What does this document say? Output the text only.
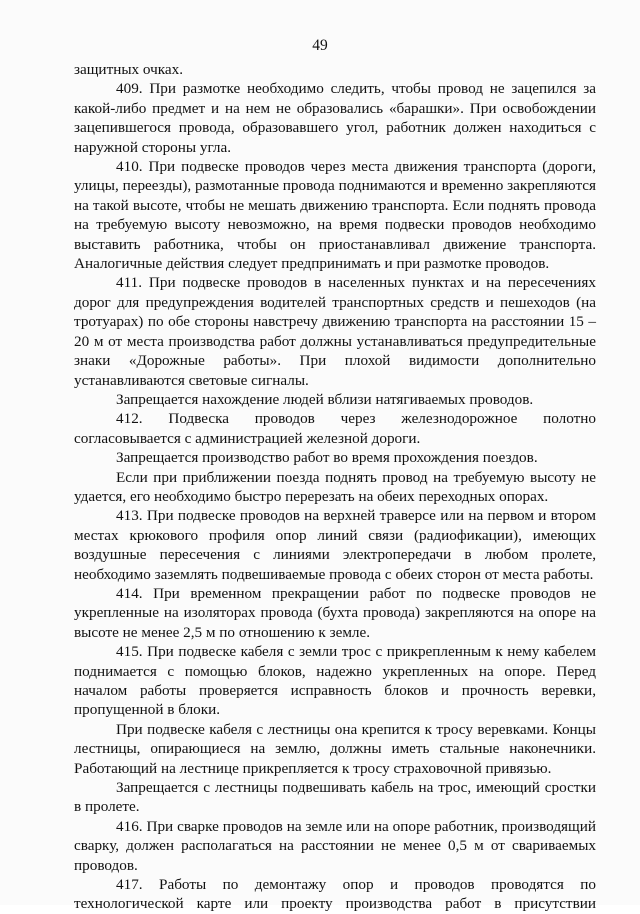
49

защитных очках.

409. При размотке необходимо следить, чтобы провод не зацепился за какой-либо предмет и на нем не образовались «барашки». При освобождении зацепившегося провода, образовавшего угол, работник должен находиться с наружной стороны угла.

410. При подвеске проводов через места движения транспорта (дороги, улицы, переезды), размотанные провода поднимаются и временно закрепляются на такой высоте, чтобы не мешать движению транспорта. Если поднять провода на требуемую высоту невозможно, на время подвески проводов необходимо выставить работника, чтобы он приостанавливал движение транспорта. Аналогичные действия следует предпринимать и при размотке проводов.

411. При подвеске проводов в населенных пунктах и на пересечениях дорог для предупреждения водителей транспортных средств и пешеходов (на тротуарах) по обе стороны навстречу движению транспорта на расстоянии 15 – 20 м от места производства работ должны устанавливаться предупредительные знаки «Дорожные работы». При плохой видимости дополнительно устанавливаются световые сигналы.

Запрещается нахождение людей вблизи натягиваемых проводов.

412. Подвеска проводов через железнодорожное полотно согласовывается с администрацией железной дороги.

Запрещается производство работ во время прохождения поездов.

Если при приближении поезда поднять провод на требуемую высоту не удается, его необходимо быстро перерезать на обеих переходных опорах.

413. При подвеске проводов на верхней траверсе или на первом и втором местах крюкового профиля опор линий связи (радиофикации), имеющих воздушные пересечения с линиями электропередачи в любом пролете, необходимо заземлять подвешиваемые провода с обеих сторон от места работы.

414. При временном прекращении работ по подвеске проводов не укрепленные на изоляторах провода (бухта провода) закрепляются на опоре на высоте не менее 2,5 м по отношению к земле.

415. При подвеске кабеля с земли трос с прикрепленным к нему кабелем поднимается с помощью блоков, надежно укрепленных на опоре. Перед началом работы проверяется исправность блоков и прочность веревки, пропущенной в блоки.

При подвеске кабеля с лестницы она крепится к тросу веревками. Концы лестницы, опирающиеся на землю, должны иметь стальные наконечники. Работающий на лестнице прикрепляется к тросу страховочной привязью.

Запрещается с лестницы подвешивать кабель на трос, имеющий сростки в пролете.

416. При сварке проводов на земле или на опоре работник, производящий сварку, должен располагаться на расстоянии не менее 0,5 м от свариваемых проводов.

417. Работы по демонтажу опор и проводов проводятся по технологической карте или проекту производства работ в присутствии
